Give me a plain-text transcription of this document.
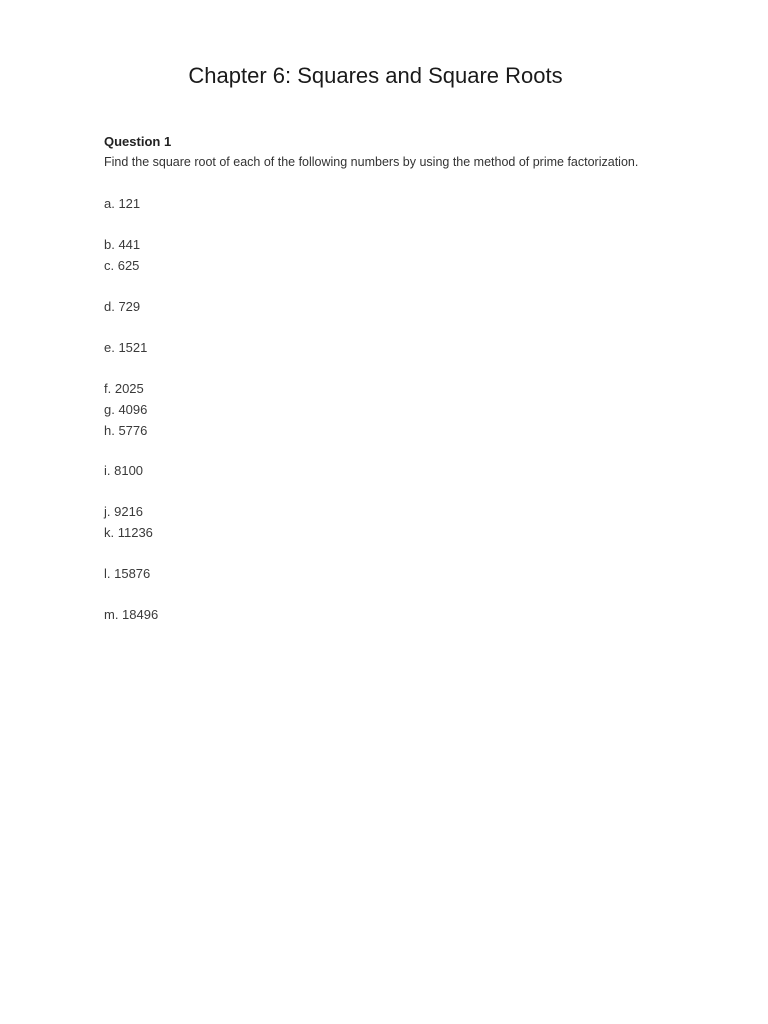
Chapter 6: Squares and Square Roots
Question 1
Find the square root of each of the following numbers by using the method of prime factorization.
a. 121
b. 441
c. 625
d. 729
e. 1521
f. 2025
g. 4096
h. 5776
i. 8100
j. 9216
k. 11236
l. 15876
m. 18496
